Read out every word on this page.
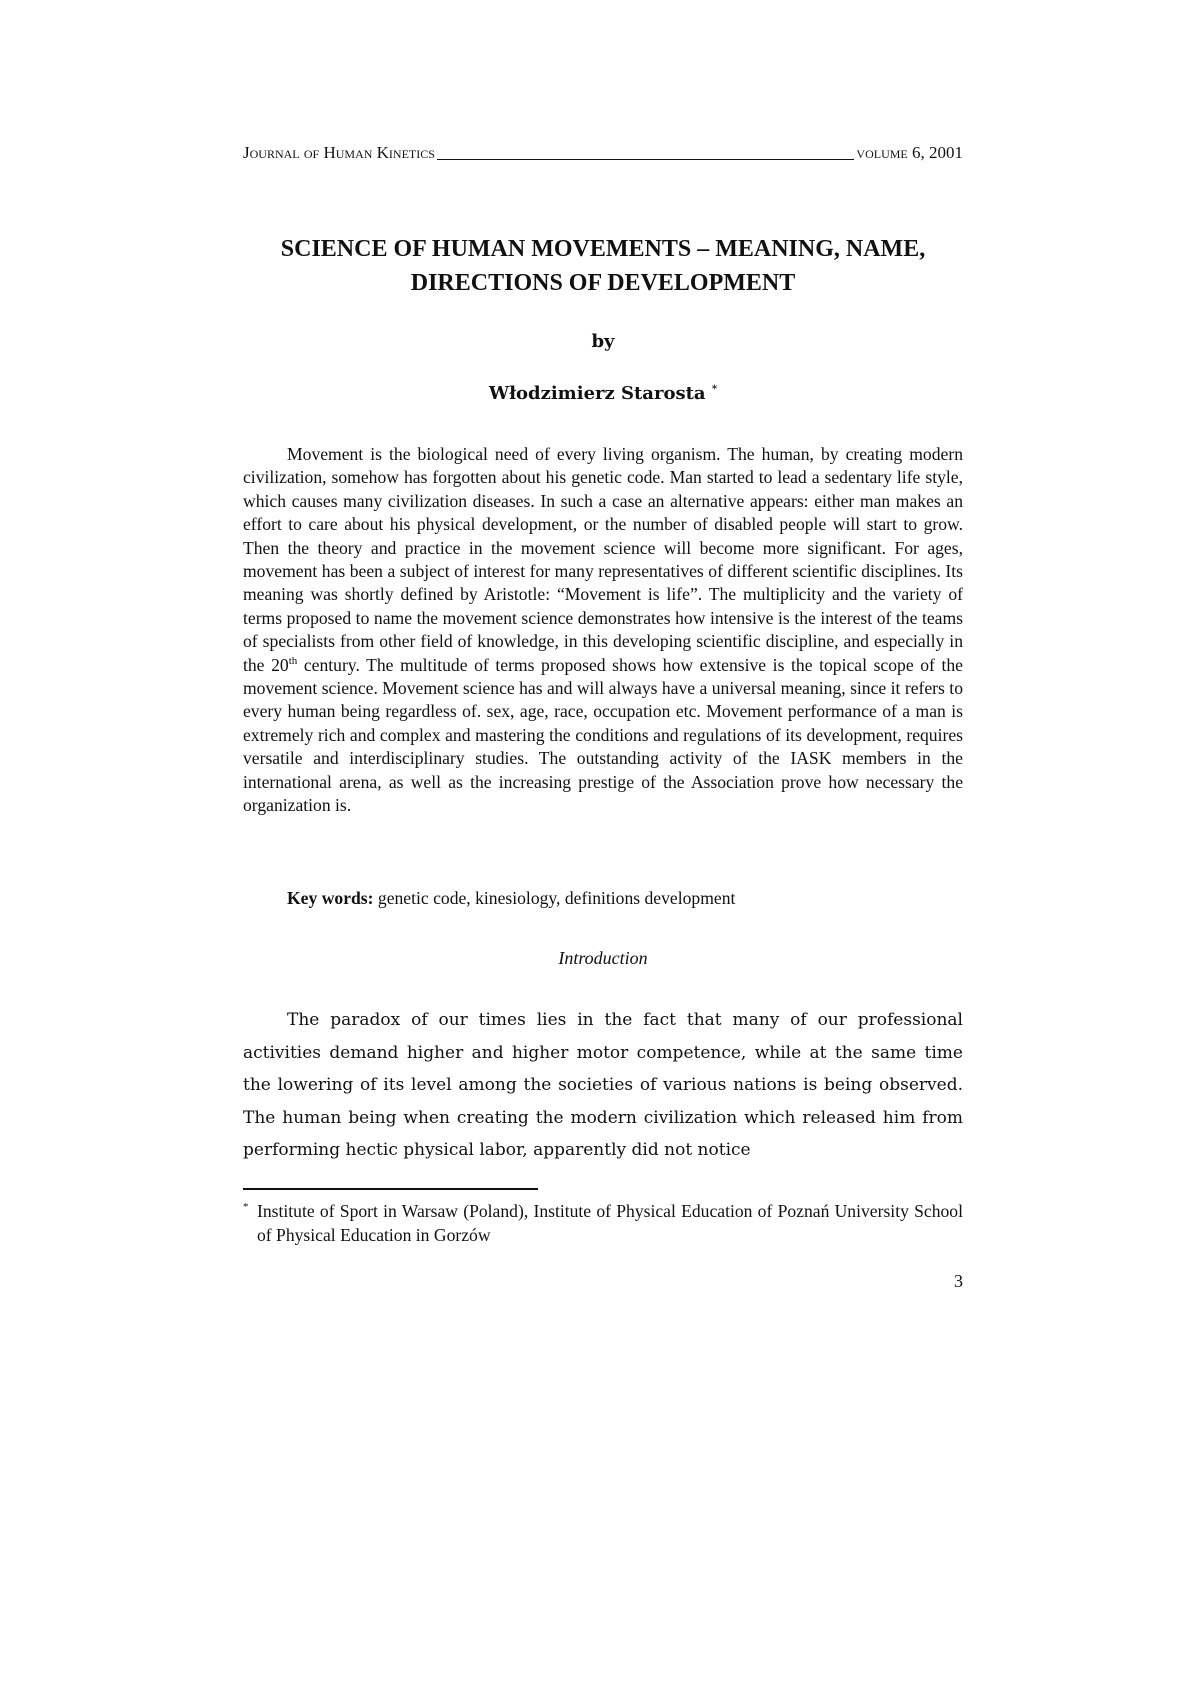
Journal of Human Kinetics	volume 6, 2001
SCIENCE OF HUMAN MOVEMENTS – MEANING, NAME, DIRECTIONS OF DEVELOPMENT
by
Włodzimierz Starosta *

Movement is the biological need of every living organism. The human, by creating modern civilization, somehow has forgotten about his genetic code. Man started to lead a sedentary life style, which causes many civilization diseases. In such a case an alternative appears: either man makes an effort to care about his physical development, or the number of disabled people will start to grow. Then the theory and practice in the movement science will become more significant. For ages, movement has been a subject of interest for many representatives of different scientific disciplines. Its meaning was shortly defined by Aristotle: “Movement is life”. The multiplicity and the variety of terms proposed to name the movement science demonstrates how intensive is the interest of the teams of specialists from other field of knowledge, in this developing scientific discipline, and especially in the 20th century. The multitude of terms proposed shows how extensive is the topical scope of the movement science. Movement science has and will always have a universal meaning, since it refers to every human being regardless of. sex, age, race, occupation etc. Movement performance of a man is extremely rich and complex and mastering the conditions and regulations of its development, requires versatile and interdisciplinary studies. The outstanding activity of the IASK members in the international arena, as well as the increasing prestige of the Association prove how necessary the organization is.

Key words: genetic code, kinesiology, definitions development
Introduction

The paradox of our times lies in the fact that many of our professional activities demand higher and higher motor competence, while at the same time the lowering of its level among the societies of various nations is being observed. The human being when creating the modern civilization which released him from performing hectic physical labor, apparently did not notice

* Institute of Sport in Warsaw (Poland), Institute of Physical Education of Poznań University School of Physical Education in Gorzów
3
